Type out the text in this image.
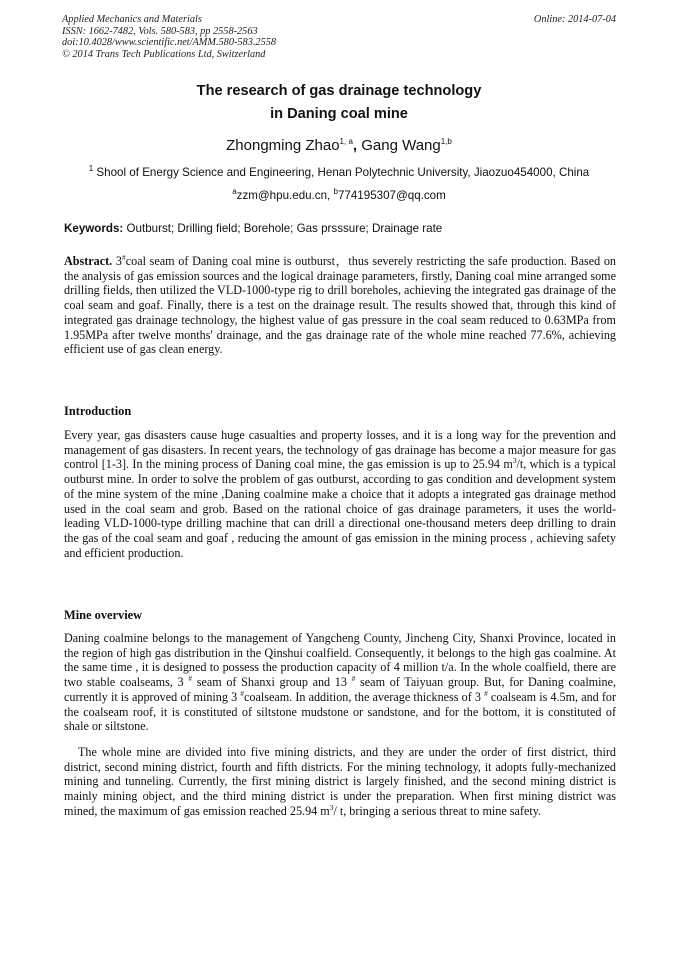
Applied Mechanics and Materials
ISSN: 1662-7482, Vols. 580-583, pp 2558-2563
doi:10.4028/www.scientific.net/AMM.580-583.2558
© 2014 Trans Tech Publications Ltd, Switzerland
Online: 2014-07-04
The research of gas drainage technology
in Daning coal mine
Zhongming Zhao$^{1, a}$, Gang Wang$^{1,b}$
$^1$ Shool of Energy Science and Engineering, Henan Polytechnic University, Jiaozuo454000, China
$^a$zzm@hpu.edu.cn, $^b$774195307@qq.com
Keywords: Outburst; Drilling field; Borehole; Gas prsssure; Drainage rate

Abstract. 3#coal seam of Daning coal mine is outburst，thus severely restricting the safe production. Based on the analysis of gas emission sources and the logical drainage parameters, firstly, Daning coal mine arranged some drilling fields, then utilized the VLD-1000-type rig to drill boreholes, achieving the integrated gas drainage of the coal seam and goaf. Finally, there is a test on the drainage result. The results showed that, through this kind of integrated gas drainage technology, the highest value of gas pressure in the coal seam reduced to 0.63MPa from 1.95MPa after twelve months' drainage, and the gas drainage rate of the whole mine reached 77.6%, achieving efficient use of gas clean energy.

Introduction

Every year, gas disasters cause huge casualties and property losses, and it is a long way for the prevention and management of gas disasters. In recent years, the technology of gas drainage has become a major measure for gas control [1-3]. In the mining process of Daning coal mine, the gas emission is up to 25.94 $m^3/t$, which is a typical outburst mine. In order to solve the problem of gas outburst, according to gas condition and development system of the mine system of the mine ,Daning coalmine make a choice that it adopts a integrated gas drainage method used in the coal seam and grob. Based on the rational choice of gas drainage parameters, it uses the world-leading VLD-1000-type drilling machine that can drill a directional one-thousand meters deep drilling to drain the gas of the coal seam and goaf , reducing the amount of gas emission in the mining process , achieving safety and efficient production.

Mine overview

Daning coalmine belongs to the management of Yangcheng County, Jincheng City, Shanxi Province, located in the region of high gas distribution in the Qinshui coalfield. Consequently, it belongs to the high gas coalmine. At the same time , it is designed to possess the production capacity of 4 million t/a. In the whole coalfield, there are two stable coalseams, 3 # seam of Shanxi group and 13 # seam of Taiyuan group. But, for Daning coalmine, currently it is approved of mining 3 #coalseam. In addition, the average thickness of 3 # coalseam is 4.5m, and for the coalseam roof, it is constituted of siltstone mudstone or sandstone, and for the bottom, it is constituted of shale or siltstone.

The whole mine are divided into five mining districts, and they are under the order of first district, third district, second mining district, fourth and fifth districts. For the mining technology, it adopts fully-mechanized mining and tunneling. Currently, the first mining district is largely finished, and the second mining district is mainly mining object, and the third mining district is under the preparation. When first mining district was mined, the maximum of gas emission reached 25.94 $m^3/$ t, bringing a serious threat to mine safety.
